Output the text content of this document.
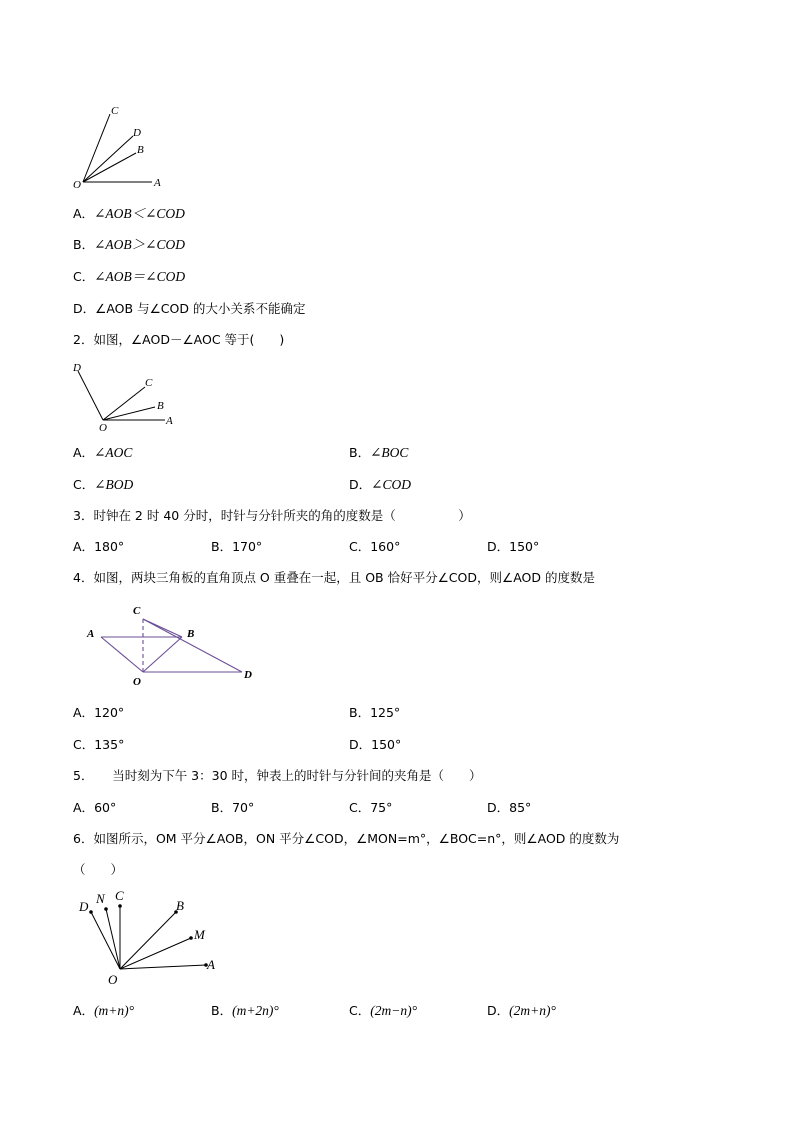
C
D
B
O	A
A．∠AOB＜∠COD
B．∠AOB＞∠COD
C．∠AOB＝∠COD
D．∠AOB 与∠COD 的大小关系不能确定
2．如图，∠AOD－∠AOC 等于(　　)
D
C
B
A
O
A．∠AOC	B．∠BOC
C．∠BOD	D．∠COD
3．时钟在 2 时 40 分时，时针与分针所夹的角的度数是（　　　　　）
A．180°	B．170°	C．160°	D．150°
4．如图，两块三角板的直角顶点 O 重叠在一起，且 OB 恰好平分∠COD，则∠AOD 的度数是
C
A	B
O
D
A．120°	B．125°
C．135°	D．150°
5．　　当时刻为下午 3：30 时，钟表上的时针与分针间的夹角是（　　）
A．60°	B．70°	C．75°	D．85°
6．如图所示，OM 平分∠AOB，ON 平分∠COD，∠MON=m°，∠BOC=n°，则∠AOD 的度数为
（　　）
D
N C
B
M
A
O
A．(m+n)°	B．(m+2n)°	C．(2m−n)°	D．(2m+n)°
